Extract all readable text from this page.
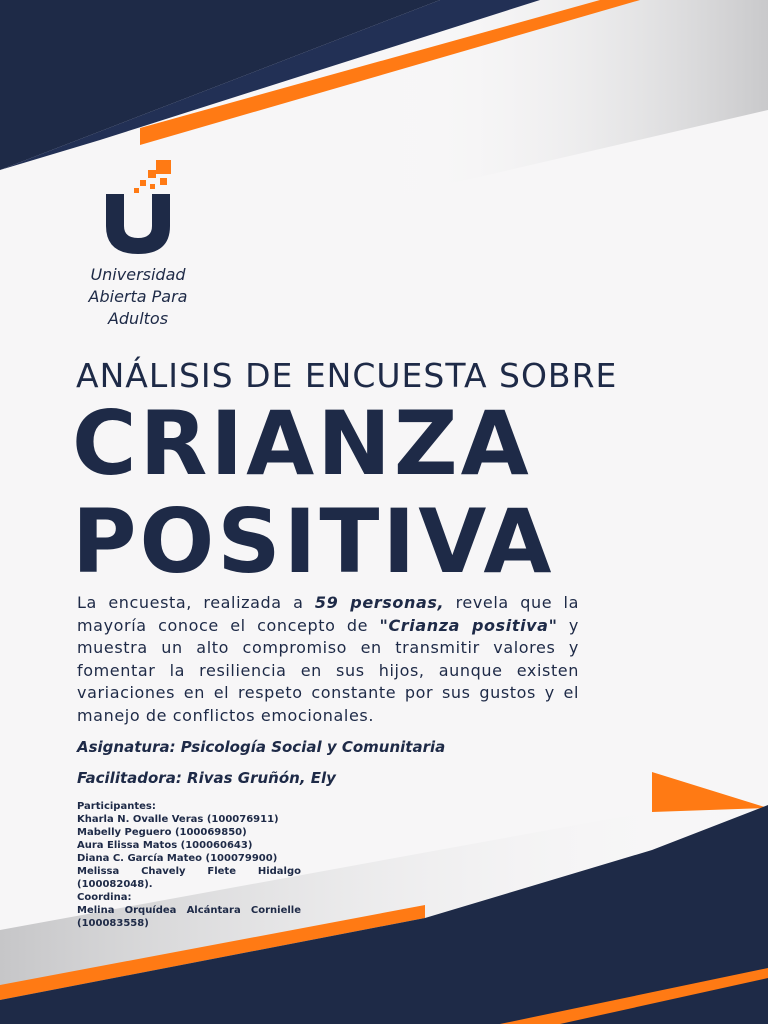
Universidad
Abierta Para
Adultos
ANÁLISIS DE ENCUESTA SOBRE
CRIANZA
POSITIVA
La encuesta, realizada a 59 personas, revela que la mayoría conoce el concepto de "Crianza positiva" y muestra un alto compromiso en transmitir valores y fomentar la resiliencia en sus hijos, aunque existen variaciones en el respeto constante por sus gustos y el manejo de conflictos emocionales.
Asignatura: Psicología Social y Comunitaria
Facilitadora: Rivas Gruñón, Ely
Participantes:
Kharla N. Ovalle Veras (100076911)
Mabelly Peguero (100069850)
Aura Elissa Matos (100060643)
Diana C. García Mateo (100079900)
Melissa Chavely Flete Hidalgo (100082048).
Coordina:
Melina Orquídea Alcántara Cornielle (100083558)
